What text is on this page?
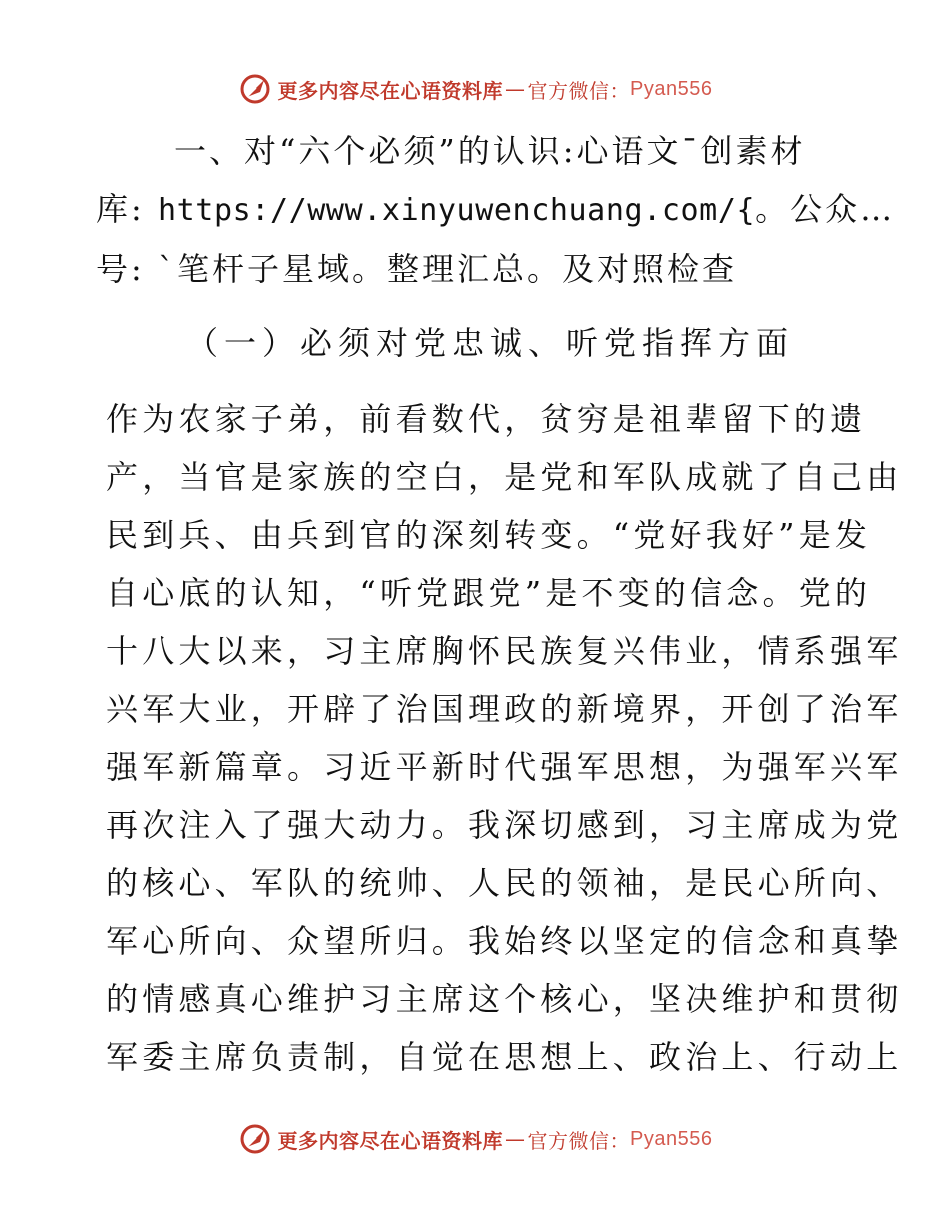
更多内容尽在心语资料库 — 官方微信： Pyan556

一、对“六个必须”的认识:心语文¯创素材

库: https://www.xinyuwenchuang.com/{。公众…

号: `笔杆子星域。整理汇总。及对照检查

（一）必须对党忠诚、听党指挥方面

作为农家子弟，前看数代，贫穷是祖辈留下的遗
产，当官是家族的空白，是党和军队成就了自己由
民到兵、由兵到官的深刻转变。“党好我好”是发
自心底的认知，“听党跟党”是不变的信念。党的
十八大以来，习主席胸怀民族复兴伟业，情系强军
兴军大业，开辟了治国理政的新境界，开创了治军
强军新篇章。习近平新时代强军思想，为强军兴军
再次注入了强大动力。我深切感到，习主席成为党
的核心、军队的统帅、人民的领袖，是民心所向、
军心所向、众望所归。我始终以坚定的信念和真挚
的情感真心维护习主席这个核心，坚决维护和贯彻
军委主席负责制，自觉在思想上、政治上、行动上
更多内容尽在心语资料库 — 官方微信： Pyan556
